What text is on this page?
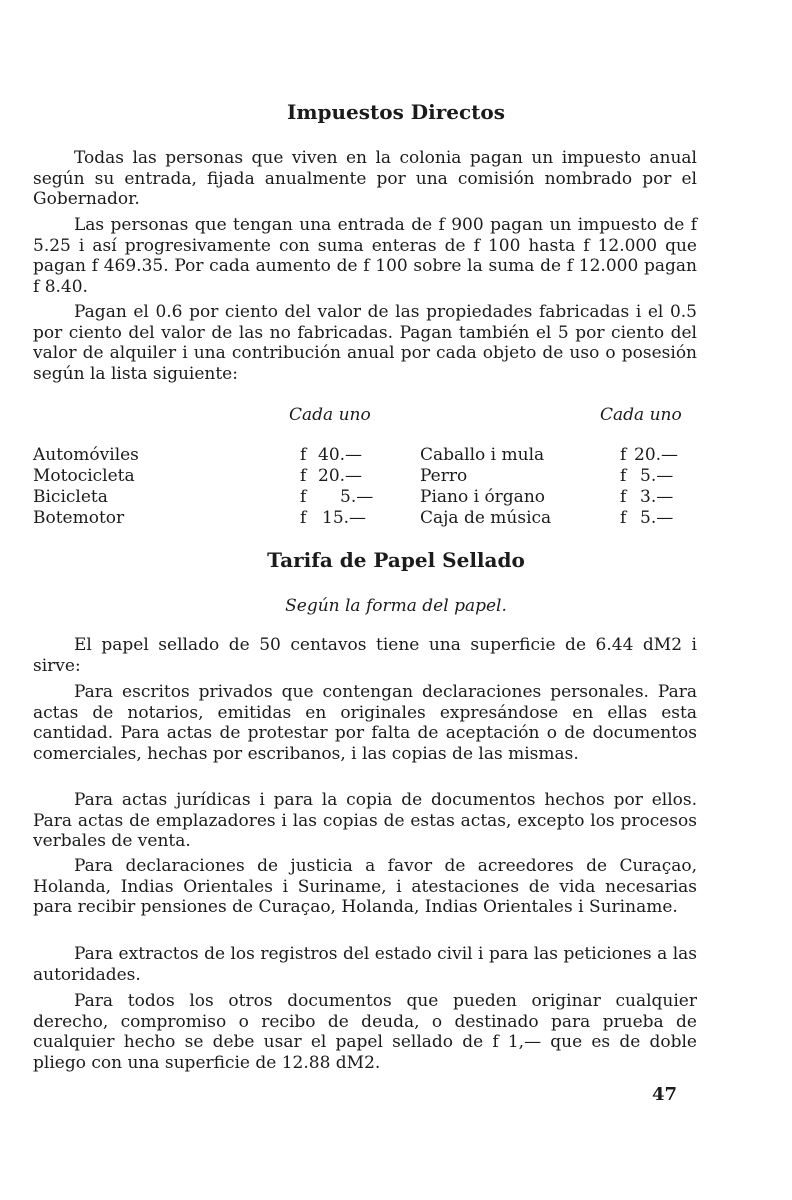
Impuestos Directos

Todas las personas que viven en la colonia pagan un impuesto anual según su entrada, fijada anualmente por una comisión nombrado por el Gobernador.

Las personas que tengan una entrada de f 900 pagan un impuesto de f 5.25 i así progresivamente con suma enteras de f 100 hasta f 12.000 que pagan f 469.35. Por cada aumento de f 100 sobre la suma de f 12.000 pagan f 8.40.

Pagan el 0.6 por ciento del valor de las propiedades fabricadas i el 0.5 por ciento del valor de las no fabricadas. Pagan también el 5 por ciento del valor de alquiler i una contribución anual por cada objeto de uso o posesión según la lista siguiente:

Cada uno	Cada uno
Automóviles	f 40.—	Caballo i mula	f 20.—
Motocicleta	f 20.—	Perro	f 5.—
Bicicleta	f 5.—	Piano i órgano	f 3.—
Botemotor	f 15.—	Caja de música	f 5.—
Tarifa de Papel Sellado
Según la forma del papel.

El papel sellado de 50 centavos tiene una superficie de 6.44 dM2 i sirve:

Para escritos privados que contengan declaraciones personales. Para actas de notarios, emitidas en originales expresándose en ellas esta cantidad. Para actas de protestar por falta de aceptación o de documentos comerciales, hechas por escribanos, i las copias de las mismas.

Para actas jurídicas i para la copia de documentos hechos por ellos. Para actas de emplazadores i las copias de estas actas, excepto los procesos verbales de venta.

Para declaraciones de justicia a favor de acreedores de Curaçao, Holanda, Indias Orientales i Suriname, i atestaciones de vida necesarias para recibir pensiones de Curaçao, Holanda, Indias Orientales i Suriname.

Para extractos de los registros del estado civil i para las peticiones a las autoridades.

Para todos los otros documentos que pueden originar cualquier derecho, compromiso o recibo de deuda, o destinado para prueba de cualquier hecho se debe usar el papel sellado de f 1,— que es de doble pliego con una superficie de 12.88 dM2.

47
